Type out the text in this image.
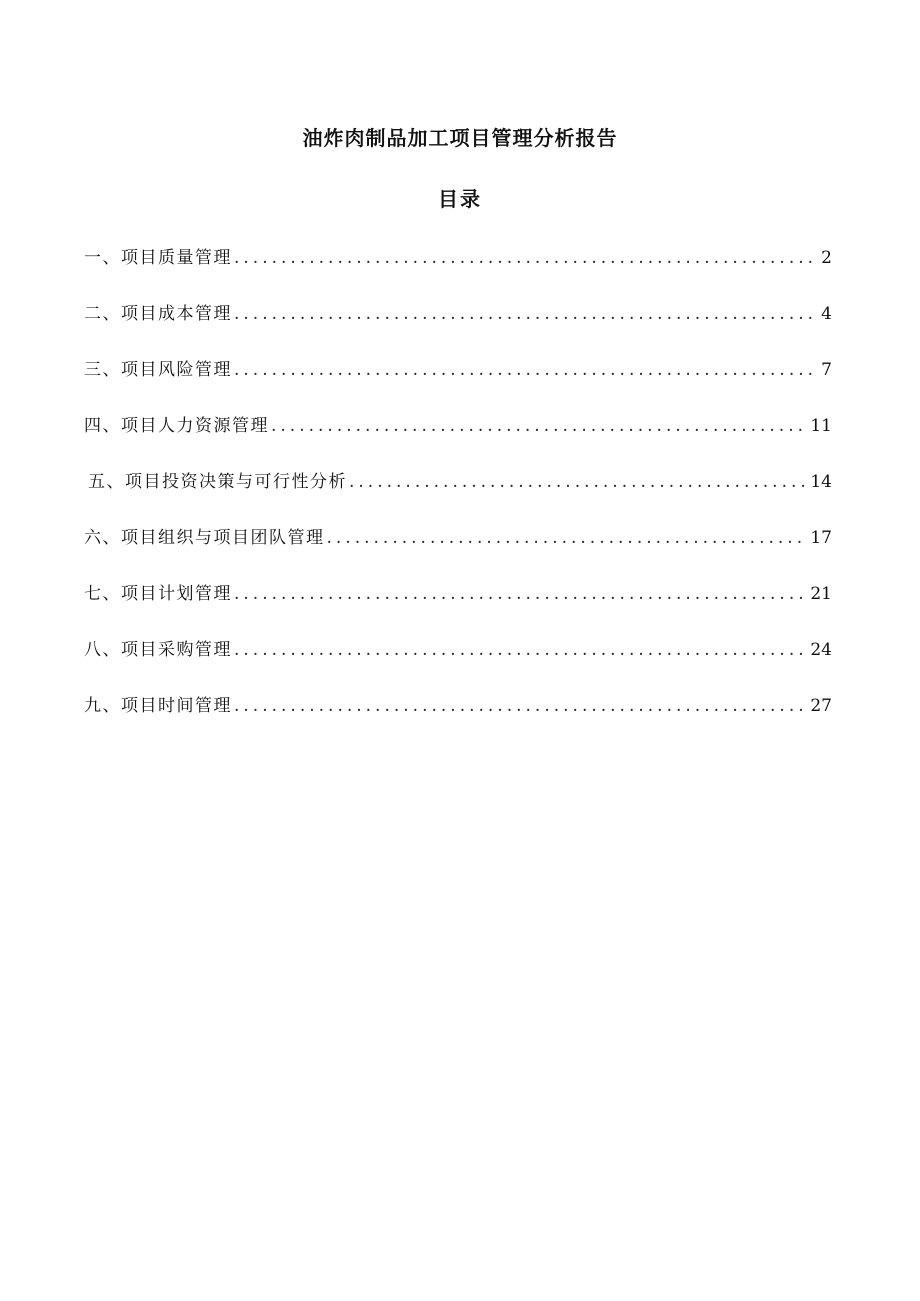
油炸肉制品加工项目管理分析报告
目录
一、项目质量管理 .....	2
二、项目成本管理 .....	4
三、项目风险管理 .....	7
四、项目人力资源管理 .....	11
五、项目投资决策与可行性分析 .....	14
六、项目组织与项目团队管理 .....	17
七、项目计划管理 .....	21
八、项目采购管理 .....	24
九、项目时间管理 .....	27
